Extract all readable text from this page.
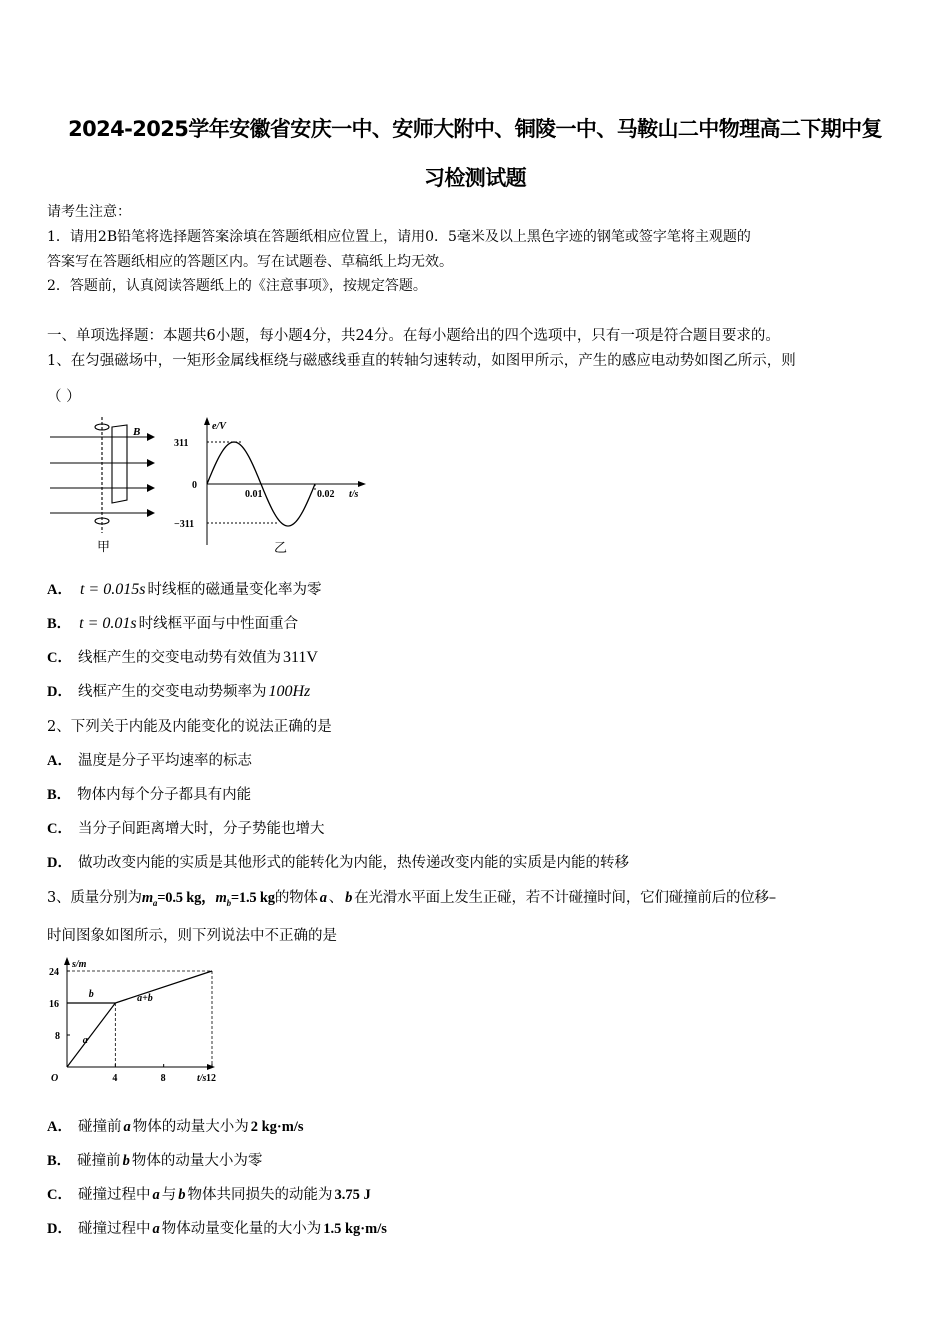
2024-2025学年安徽省安庆一中、安师大附中、铜陵一中、马鞍山二中物理高二下期中复
习检测试题
请考生注意：
1．请用2B铅笔将选择题答案涂填在答题纸相应位置上，请用0．5毫米及以上黑色字迹的钢笔或签字笔将主观题的
答案写在答题纸相应的答题区内。写在试题卷、草稿纸上均无效。
2．答题前，认真阅读答题纸上的《注意事项》，按规定答题。
一、单项选择题：本题共6小题，每小题4分，共24分。在每小题给出的四个选项中，只有一项是符合题目要求的。
1、在匀强磁场中，一矩形金属线框绕与磁感线垂直的转轴匀速转动，如图甲所示，产生的感应电动势如图乙所示，则
（ ）
B
甲
e/V
311
0
−311
0.01	0.02 t/s
乙
A． t = 0.015s 时线框的磁通量变化率为零
B． t = 0.01s 时线框平面与中性面重合
C． 线框产生的交变电动势有效值为 311V
D． 线框产生的交变电动势频率为 100Hz
2、下列关于内能及内能变化的说法正确的是
A． 温度是分子平均速率的标志
B． 物体内每个分子都具有内能
C． 当分子间距离增大时，分子势能也增大
D． 做功改变内能的实质是其他形式的能转化为内能，热传递改变内能的实质是内能的转移
3、质量分别为$m_a=0.5$ kg，$m_b=1.5$ kg的物体 a 、 b 在光滑水平面上发生正碰，若不计碰撞时间，它们碰撞前后的位移–
时间图象如图所示，则下列说法中不正确的是
s/m
t/s
O	4	8	12
24
16
8 a
b	a+b
A． 碰撞前 a 物体的动量大小为 2 kg·m/s
B． 碰撞前 b 物体的动量大小为零
C． 碰撞过程中 a 与 b 物体共同损失的动能为 3.75 J
D． 碰撞过程中 a 物体动量变化量的大小为 1.5 kg·m/s
